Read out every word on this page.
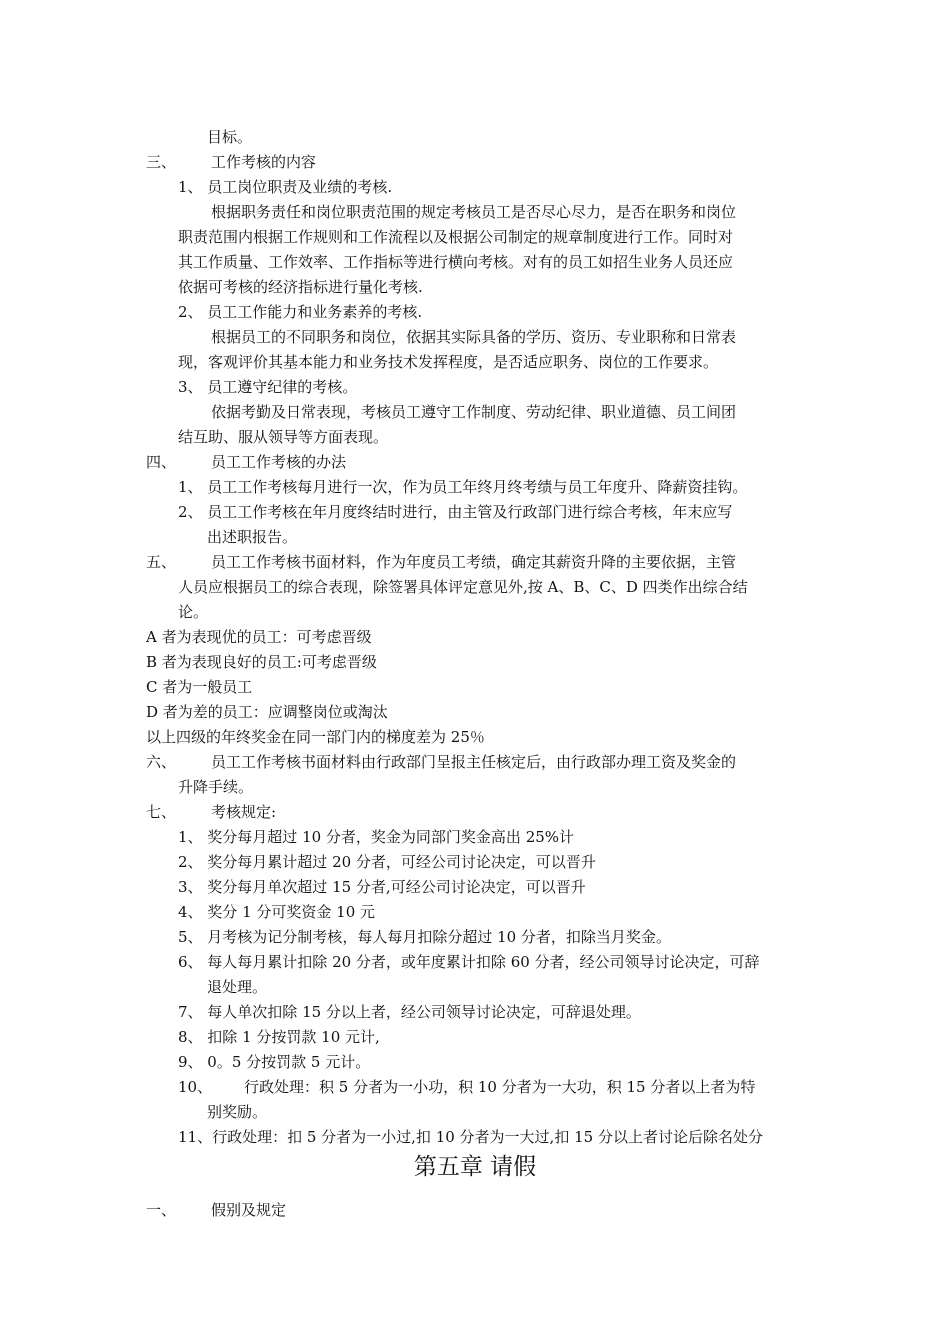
目标。
三、 工作考核的内容
1、 员工岗位职责及业绩的考核.
根据职务责任和岗位职责范围的规定考核员工是否尽心尽力，是否在职务和岗位
职责范围内根据工作规则和工作流程以及根据公司制定的规章制度进行工作。同时对
其工作质量、工作效率、工作指标等进行横向考核。对有的员工如招生业务人员还应
依据可考核的经济指标进行量化考核.
2、 员工工作能力和业务素养的考核.
根据员工的不同职务和岗位，依据其实际具备的学历、资历、专业职称和日常表
现，客观评价其基本能力和业务技术发挥程度，是否适应职务、岗位的工作要求。
3、 员工遵守纪律的考核。
依据考勤及日常表现，考核员工遵守工作制度、劳动纪律、职业道德、员工间团
结互助、服从领导等方面表现。
四、 员工工作考核的办法
1、 员工工作考核每月进行一次，作为员工年终月终考绩与员工年度升、降薪资挂钩。
2、 员工工作考核在年月度终结时进行，由主管及行政部门进行综合考核，年末应写
出述职报告。
五、 员工工作考核书面材料，作为年度员工考绩，确定其薪资升降的主要依据，主管
人员应根据员工的综合表现，除签署具体评定意见外,按 A、B、C、D 四类作出综合结
论。
A 者为表现优的员工：可考虑晋级
B 者为表现良好的员工:可考虑晋级
C 者为一般员工
D 者为差的员工：应调整岗位或淘汰
以上四级的年终奖金在同一部门内的梯度差为 25％
六、 员工工作考核书面材料由行政部门呈报主任核定后，由行政部办理工资及奖金的
升降手续。
七、 考核规定:
1、 奖分每月超过 10 分者，奖金为同部门奖金高出 25%计
2、 奖分每月累计超过 20 分者，可经公司讨论决定，可以晋升
3、 奖分每月单次超过 15 分者,可经公司讨论决定，可以晋升
4、 奖分 1 分可奖资金 10 元
5、 月考核为记分制考核，每人每月扣除分超过 10 分者，扣除当月奖金。
6、 每人每月累计扣除 20 分者，或年度累计扣除 60 分者，经公司领导讨论决定，可辞
退处理。
7、 每人单次扣除 15 分以上者，经公司领导讨论决定，可辞退处理。
8、 扣除 1 分按罚款 10 元计,
9、 0。5 分按罚款 5 元计。
10、 行政处理：积 5 分者为一小功，积 10 分者为一大功，积 15 分者以上者为特
别奖励。
11、行政处理：扣 5 分者为一小过,扣 10 分者为一大过,扣 15 分以上者讨论后除名处分
第五章 请假
一、 假别及规定
